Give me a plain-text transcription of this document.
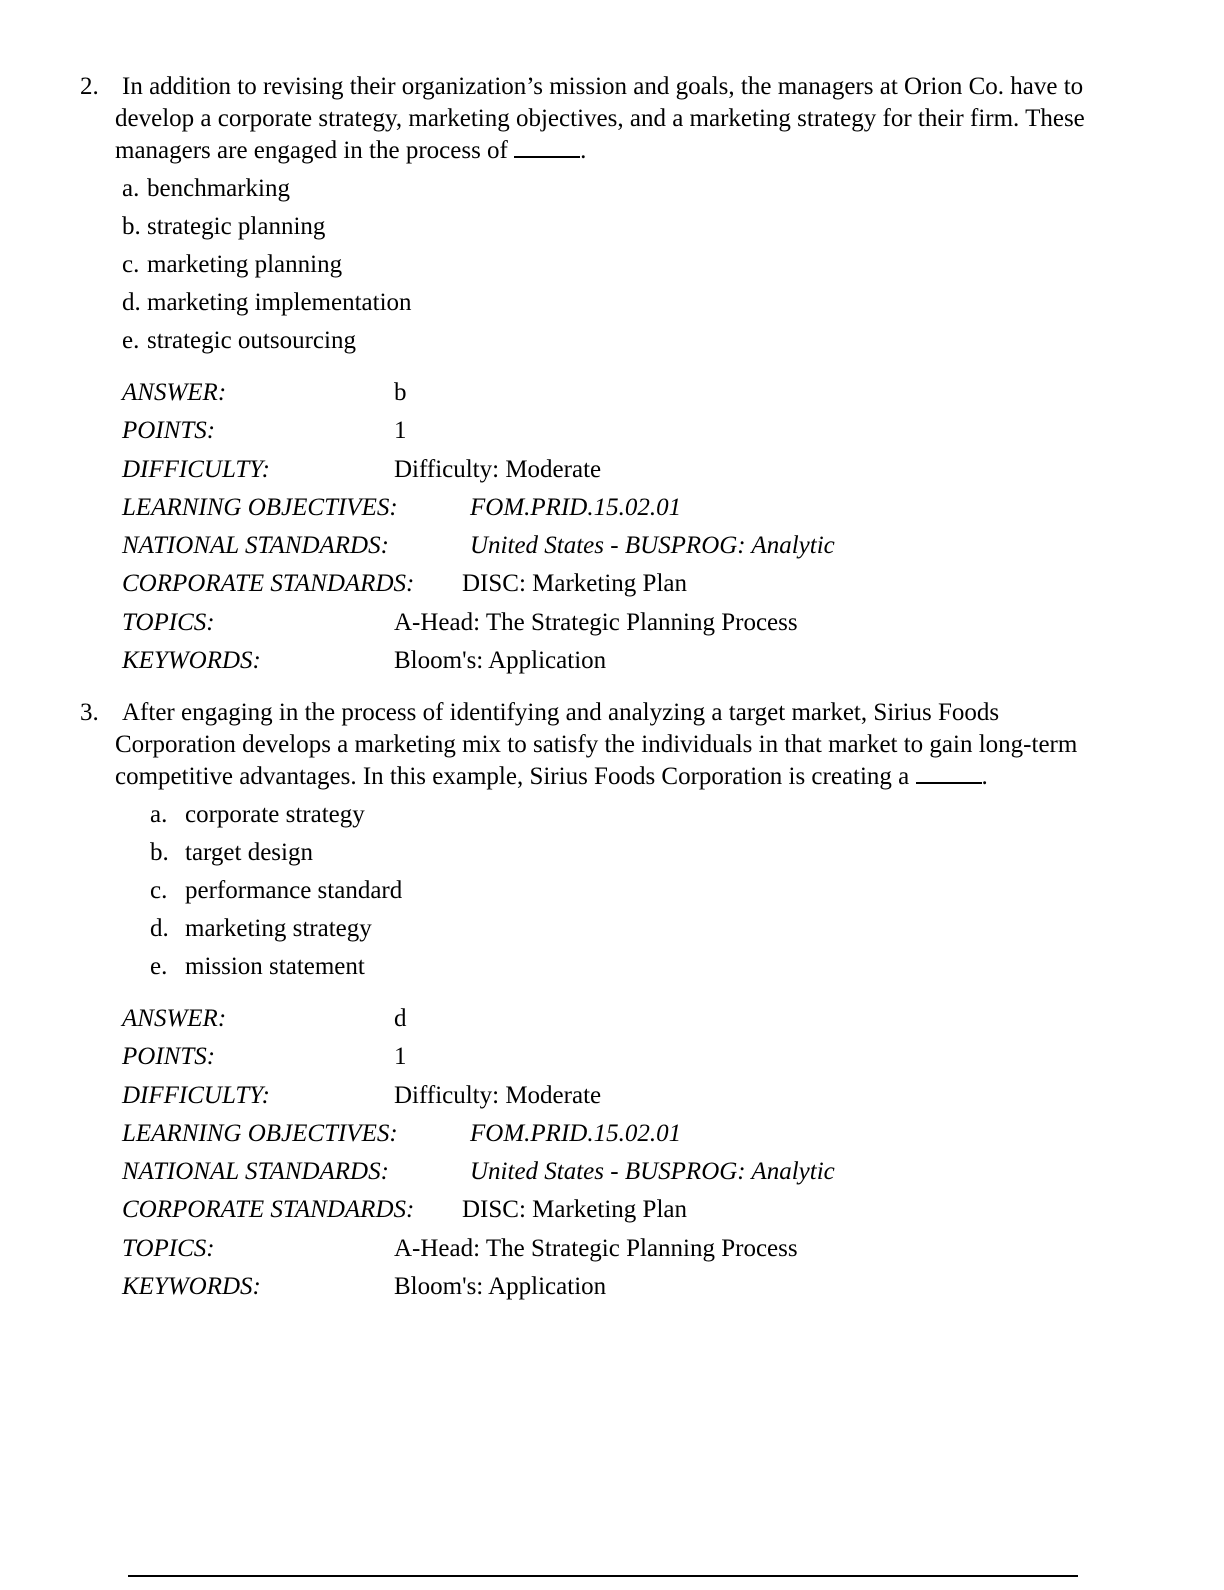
2. In addition to revising their organization’s mission and goals, the managers at Orion Co. have to develop a corporate strategy, marketing objectives, and a marketing strategy for their firm. These managers are engaged in the process of	.
a. benchmarking
b. strategic planning
c. marketing planning
d. marketing implementation
e. strategic outsourcing
ANSWER:	b
POINTS:	1
DIFFICULTY:	Difficulty: Moderate
LEARNING OBJECTIVES:	FOM.PRID.15.02.01
NATIONAL STANDARDS:	United States - BUSPROG: Analytic
CORPORATE STANDARDS: DISC: Marketing Plan
TOPICS:	A-Head: The Strategic Planning Process
KEYWORDS:	Bloom's: Application
3. After engaging in the process of identifying and analyzing a target market, Sirius Foods Corporation develops a marketing mix to satisfy the individuals in that market to gain long-term competitive advantages. In this example, Sirius Foods Corporation is creating a	.
a. corporate strategy
b. target design
c. performance standard
d. marketing strategy
e. mission statement
ANSWER:	d
POINTS:	1
DIFFICULTY:	Difficulty: Moderate
LEARNING OBJECTIVES:	FOM.PRID.15.02.01
NATIONAL STANDARDS:	United States - BUSPROG: Analytic
CORPORATE STANDARDS: DISC: Marketing Plan
TOPICS:	A-Head: The Strategic Planning Process
KEYWORDS:	Bloom's: Application
